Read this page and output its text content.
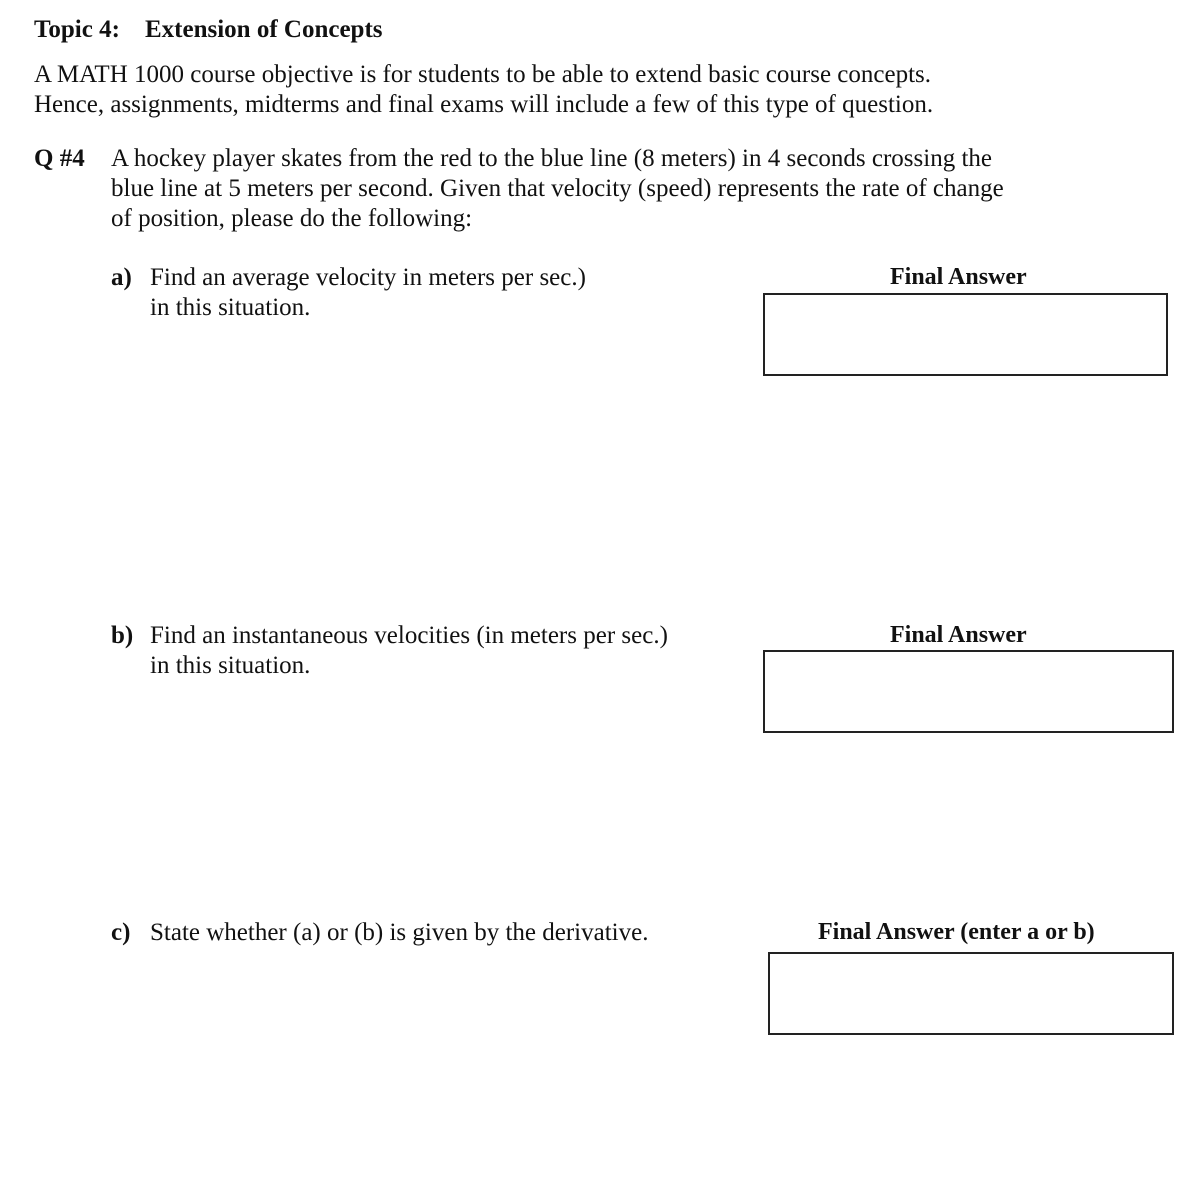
Topic 4: Extension of Concepts
A MATH 1000 course objective is for students to be able to extend basic course concepts.
Hence, assignments, midterms and final exams will include a few of this type of question.
Q #4 A hockey player skates from the red to the blue line (8 meters) in 4 seconds crossing the
blue line at 5 meters per second. Given that velocity (speed) represents the rate of change
of position, please do the following:
a) Find an average velocity in meters per sec.)
in this situation.
Final Answer
b) Find an instantaneous velocities (in meters per sec.)
in this situation.
Final Answer
c) State whether (a) or (b) is given by the derivative.	Final Answer (enter a or b)
